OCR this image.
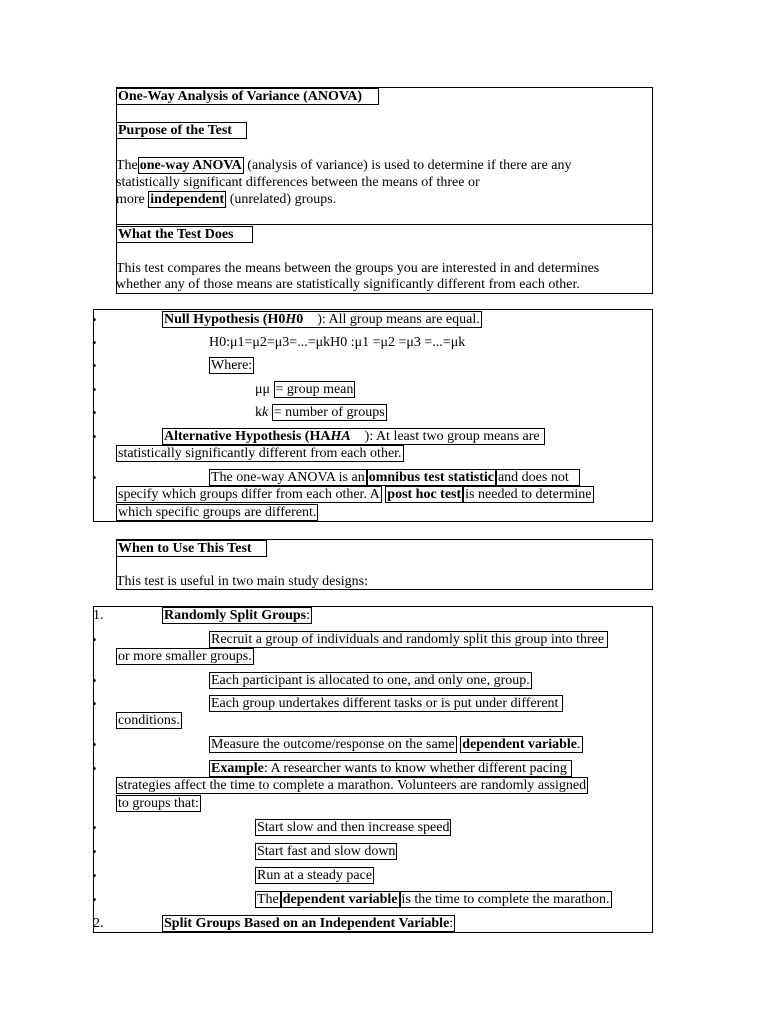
One-Way Analysis of Variance (ANOVA)
Purpose of the Test
The one-way ANOVA (analysis of variance) is used to determine if there are any
statistically significant differences between the means of three or
more independent (unrelated) groups.
What the Test Does
This test compares the means between the groups you are interested in and determines
whether any of those means are statistically significantly different from each other.
•	Null Hypothesis (H0H0 ): All group means are equal.
•	H0:μ1=μ2=μ3=...=μkH0 :μ1 =μ2 =μ3 =...=μk
•	Where:
•	μμ = group mean
•	kk = number of groups
•	Alternative Hypothesis (HAHA ): At least two group means are
statistically significantly different from each other.
•	The one-way ANOVA is an omnibus test statistic and does not
specify which groups differ from each other. A post hoc test is needed to determine
which specific groups are different.
When to Use This Test
This test is useful in two main study designs:
1.	Randomly Split Groups:
•	Recruit a group of individuals and randomly split this group into three
or more smaller groups.
•	Each participant is allocated to one, and only one, group.
•	Each group undertakes different tasks or is put under different
conditions.
•	Measure the outcome/response on the same dependent variable.
•	Example: A researcher wants to know whether different pacing
strategies affect the time to complete a marathon. Volunteers are randomly assigned
to groups that:
•	Start slow and then increase speed
•	Start fast and slow down
•	Run at a steady pace
•	The dependent variable is the time to complete the marathon.
2.	Split Groups Based on an Independent Variable:
